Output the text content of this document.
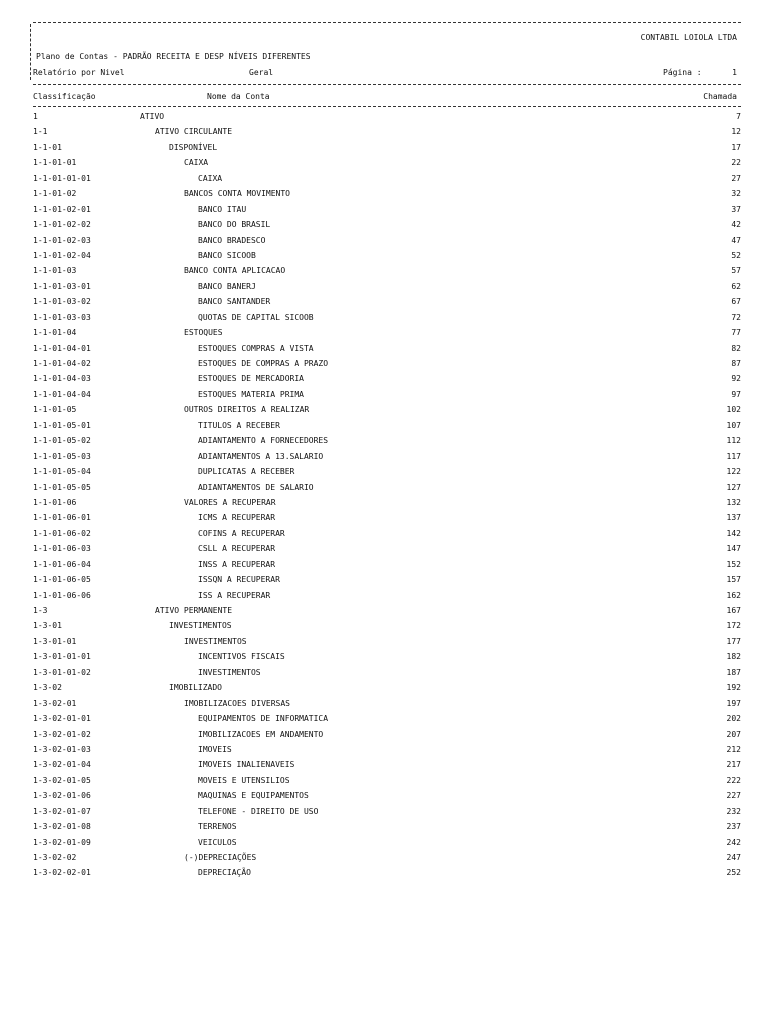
CONTABIL LOIOLA LTDA
Plano de Contas - PADRÃO RECEITA E DESP NÍVEIS DIFERENTES
Relatório por Nivel	Geral	Página :	1
Classificação	Nome da Conta	Chamada
1	ATIVO	7
1-1	ATIVO CIRCULANTE	12
1-1-01	DISPONÍVEL	17
1-1-01-01	CAIXA	22
1-1-01-01-01	CAIXA	27
1-1-01-02	BANCOS CONTA MOVIMENTO	32
1-1-01-02-01	BANCO ITAU	37
1-1-01-02-02	BANCO DO BRASIL	42
1-1-01-02-03	BANCO BRADESCO	47
1-1-01-02-04	BANCO SICOOB	52
1-1-01-03	BANCO CONTA APLICACAO	57
1-1-01-03-01	BANCO BANERJ	62
1-1-01-03-02	BANCO SANTANDER	67
1-1-01-03-03	QUOTAS DE CAPITAL SICOOB	72
1-1-01-04	ESTOQUES	77
1-1-01-04-01	ESTOQUES COMPRAS A VISTA	82
1-1-01-04-02	ESTOQUES DE COMPRAS A PRAZO	87
1-1-01-04-03	ESTOQUES DE MERCADORIA	92
1-1-01-04-04	ESTOQUES MATERIA PRIMA	97
1-1-01-05	OUTROS DIREITOS A REALIZAR	102
1-1-01-05-01	TITULOS A RECEBER	107
1-1-01-05-02	ADIANTAMENTO A FORNECEDORES	112
1-1-01-05-03	ADIANTAMENTOS A 13.SALARIO	117
1-1-01-05-04	DUPLICATAS A RECEBER	122
1-1-01-05-05	ADIANTAMENTOS DE SALARIO	127
1-1-01-06	VALORES A RECUPERAR	132
1-1-01-06-01	ICMS A RECUPERAR	137
1-1-01-06-02	COFINS A RECUPERAR	142
1-1-01-06-03	CSLL A RECUPERAR	147
1-1-01-06-04	INSS A RECUPERAR	152
1-1-01-06-05	ISSQN A RECUPERAR	157
1-1-01-06-06	ISS A RECUPERAR	162
1-3	ATIVO PERMANENTE	167
1-3-01	INVESTIMENTOS	172
1-3-01-01	INVESTIMENTOS	177
1-3-01-01-01	INCENTIVOS FISCAIS	182
1-3-01-01-02	INVESTIMENTOS	187
1-3-02	IMOBILIZADO	192
1-3-02-01	IMOBILIZACOES DIVERSAS	197
1-3-02-01-01	EQUIPAMENTOS DE INFORMATICA	202
1-3-02-01-02	IMOBILIZACOES EM ANDAMENTO	207
1-3-02-01-03	IMOVEIS	212
1-3-02-01-04	IMOVEIS INALIENAVEIS	217
1-3-02-01-05	MOVEIS E UTENSILIOS	222
1-3-02-01-06	MAQUINAS E EQUIPAMENTOS	227
1-3-02-01-07	TELEFONE - DIREITO DE USO	232
1-3-02-01-08	TERRENOS	237
1-3-02-01-09	VEICULOS	242
1-3-02-02	(-)DEPRECIAÇÕES	247
1-3-02-02-01	DEPRECIAÇÃO	252
